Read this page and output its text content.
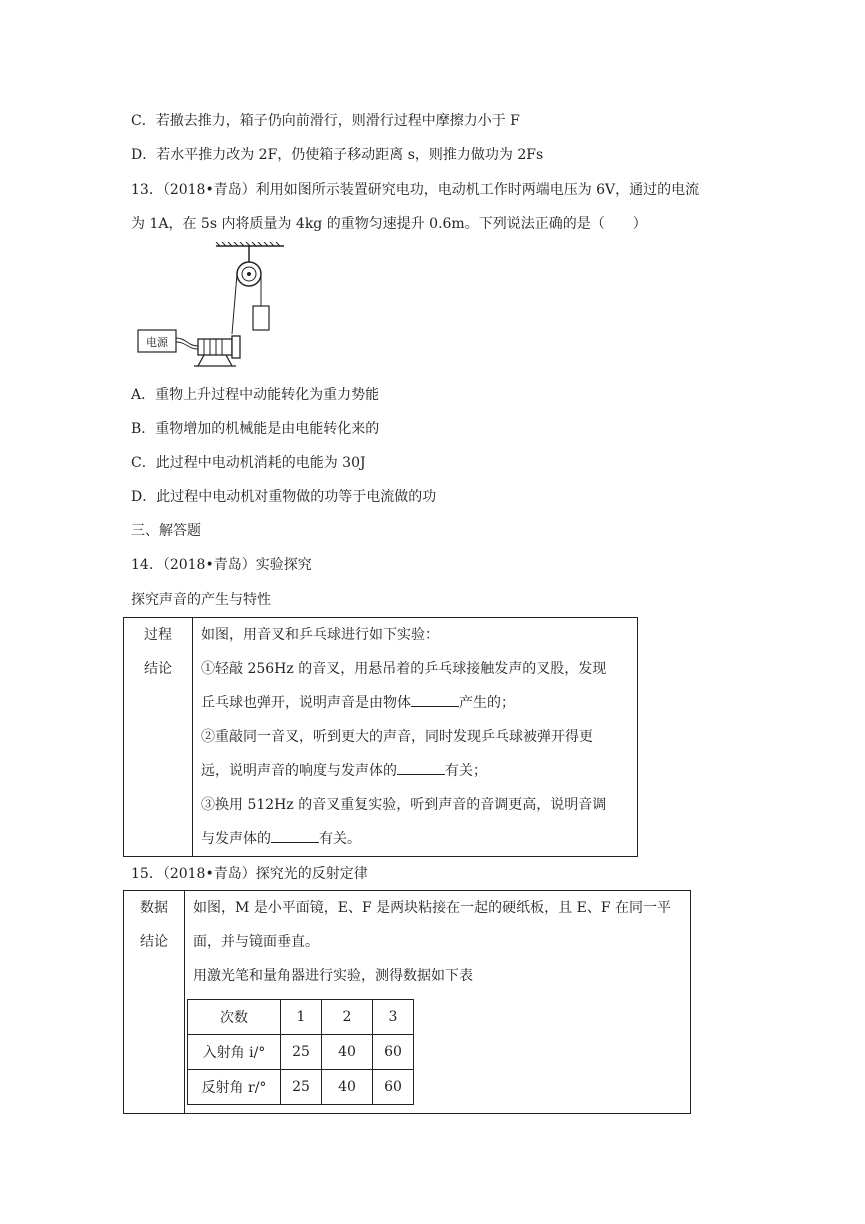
C．若撤去推力，箱子仍向前滑行，则滑行过程中摩擦力小于 F
D．若水平推力改为 2F，仍使箱子移动距离 s，则推力做功为 2Fs
13．（2018•青岛）利用如图所示装置研究电功，电动机工作时两端电压为 6V，通过的电流
为 1A，在 5s 内将质量为 4kg 的重物匀速提升 0.6m。下列说法正确的是（　　）
电源
A．重物上升过程中动能转化为重力势能
B．重物增加的机械能是由电能转化来的
C．此过程中电动机消耗的电能为 30J
D．此过程中电动机对重物做的功等于电流做的功
三、解答题
14．（2018•青岛）实验探究
探究声音的产生与特性
过程
结论

如图，用音叉和乒乓球进行如下实验：
①轻敲 256Hz 的音叉，用悬吊着的乒乓球接触发声的叉股，发现
丘乓球也弹开，说明声音是由物体	产生的；
②重敲同一音叉，听到更大的声音，同时发现乒乓球被弹开得更
远，说明声音的响度与发声体的	有关；
③换用 512Hz 的音叉重复实验，听到声音的音调更高，说明音调
与发声体的	有关。
15．（2018•青岛）探究光的反射定律
数据
结论

如图，M 是小平面镜，E、F 是两块粘接在一起的硬纸板，且 E、F 在同一平
面，并与镜面垂直。
用激光笔和量角器进行实验，测得数据如下表
次数	1	2	3
入射角 i/°	25	40	60
反射角 r/°	25	40	60
